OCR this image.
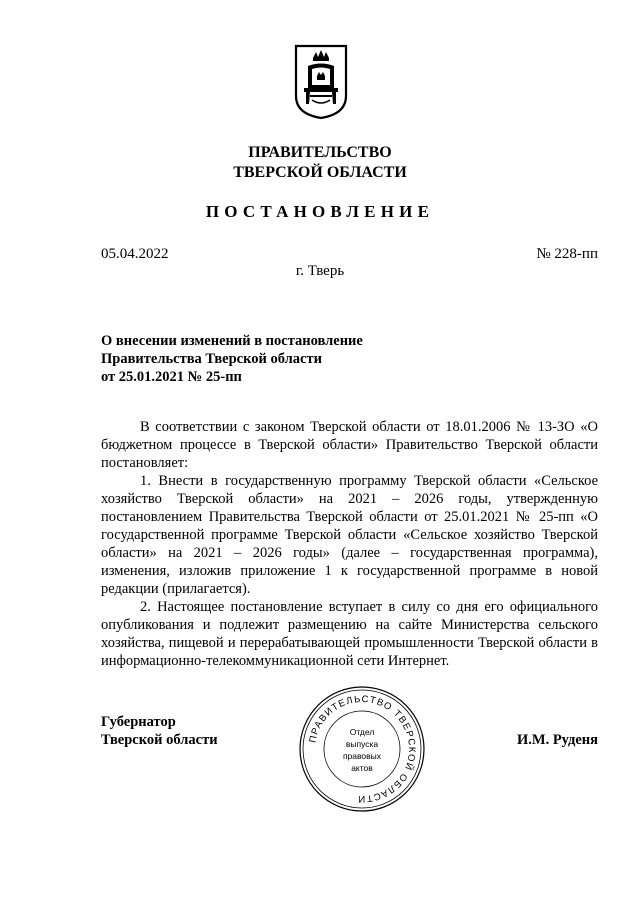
ПРАВИТЕЛЬСТВО
ТВЕРСКОЙ ОБЛАСТИ
ПОСТАНОВЛЕНИЕ
05.04.2022	№ 228-пп
г. Тверь
О внесении изменений в постановление
Правительства Тверской области
от 25.01.2021 № 25-пп

В соответствии с законом Тверской области от 18.01.2006 № 13-ЗО «О бюджетном процессе в Тверской области» Правительство Тверской области постановляет:

1. Внести в государственную программу Тверской области «Сельское хозяйство Тверской области» на 2021 – 2026 годы, утвержденную постановлением Правительства Тверской области от 25.01.2021 № 25-пп «О государственной программе Тверской области «Сельское хозяйство Тверской области» на 2021 – 2026 годы» (далее – государственная программа), изменения, изложив приложение 1 к государственной программе в новой редакции (прилагается).

2. Настоящее постановление вступает в силу со дня его официального опубликования и подлежит размещению на сайте Министерства сельского хозяйства, пищевой и перерабатывающей промышленности Тверской области в информационно-телекоммуникационной сети Интернет.

Губернатор
Тверской области	И.М. Руденя
ПРАВИТЕЛЬСТВО ТВЕРСКОЙ ОБЛАСТИ
Отдел
выпуска
правовых
актов
